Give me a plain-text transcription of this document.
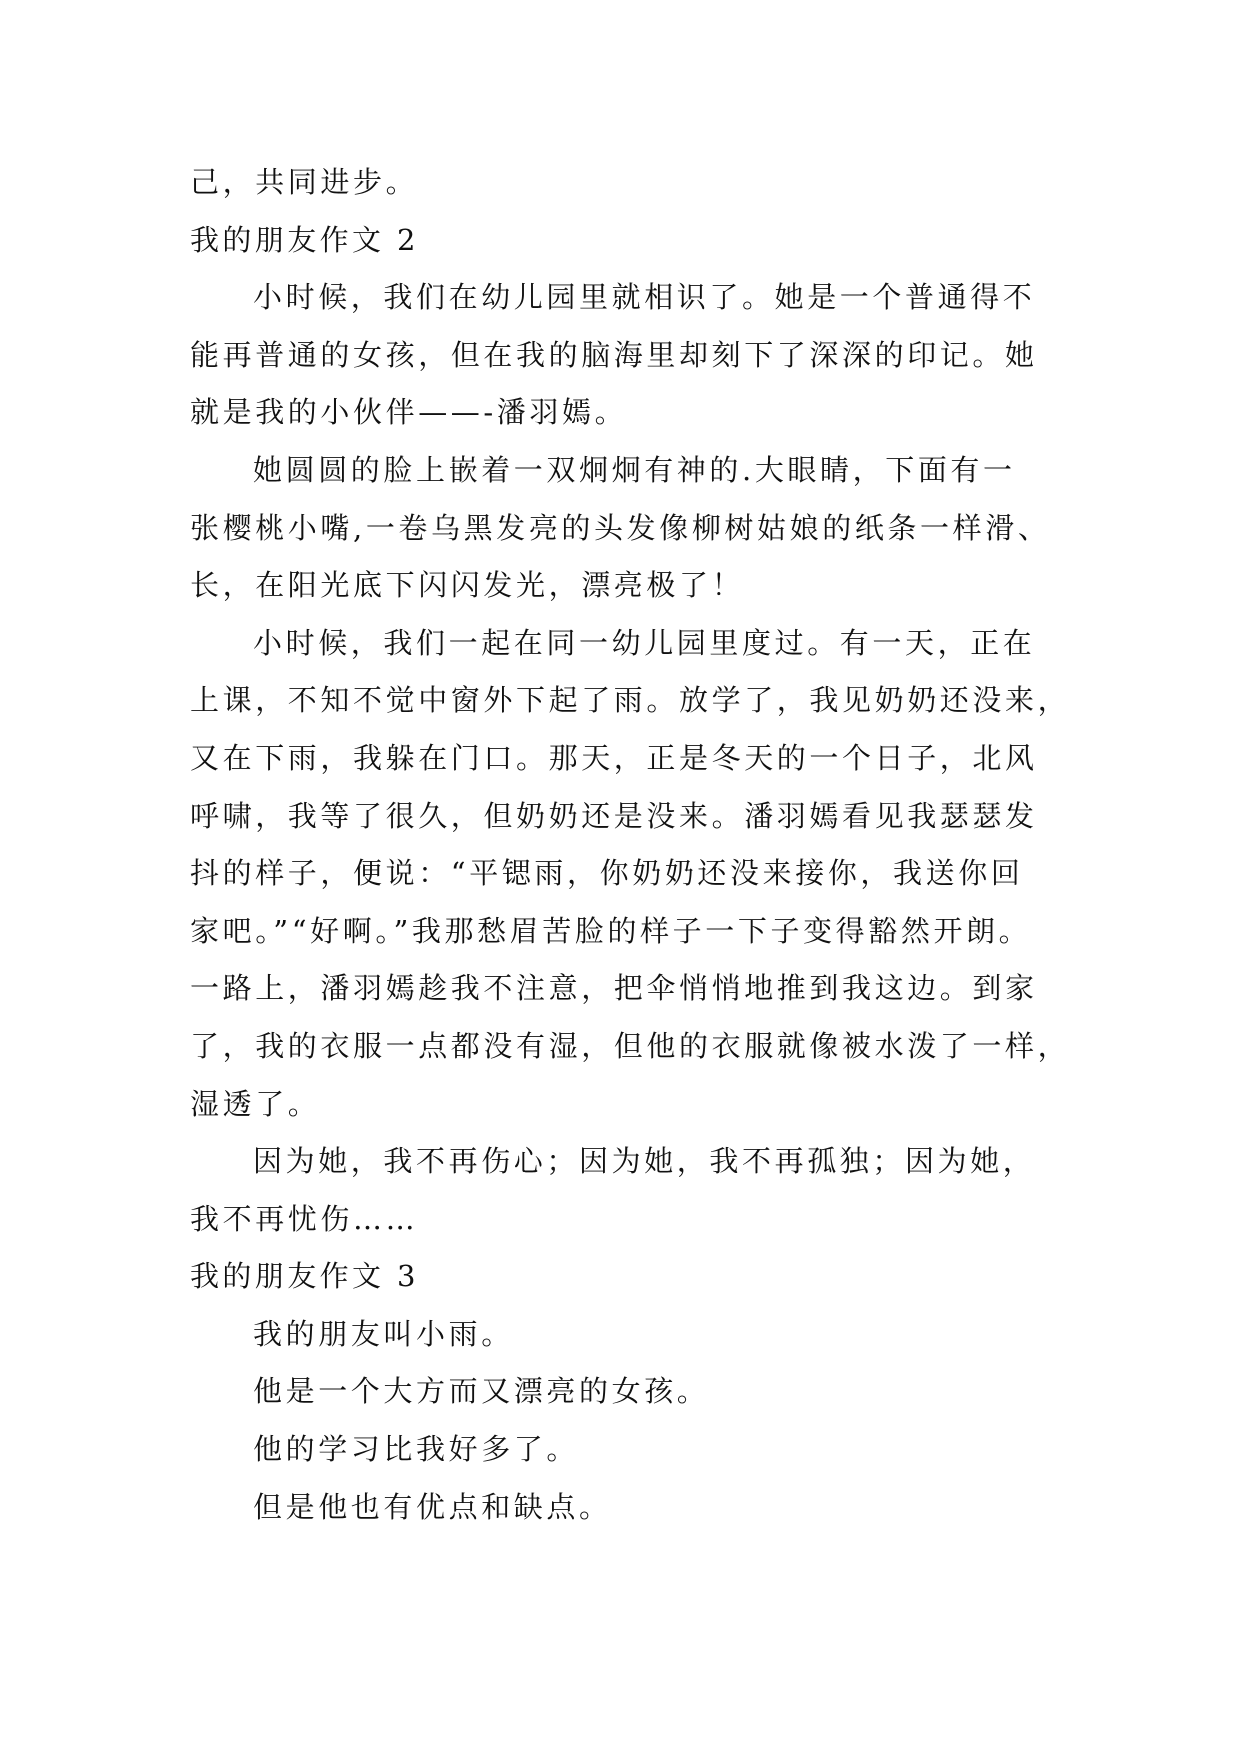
己，共同进步。
我的朋友作文 2
小时候，我们在幼儿园里就相识了。她是一个普通得不
能再普通的女孩，但在我的脑海里却刻下了深深的印记。她
就是我的小伙伴——-潘羽嫣。
她圆圆的脸上嵌着一双炯炯有神的.大眼睛，下面有一
张樱桃小嘴,一卷乌黑发亮的头发像柳树姑娘的纸条一样滑、
长，在阳光底下闪闪发光，漂亮极了！
小时候，我们一起在同一幼儿园里度过。有一天，正在
上课，不知不觉中窗外下起了雨。放学了，我见奶奶还没来，
又在下雨，我躲在门口。那天，正是冬天的一个日子，北风
呼啸，我等了很久，但奶奶还是没来。潘羽嫣看见我瑟瑟发
抖的样子，便说：“平锶雨，你奶奶还没来接你，我送你回
家吧。”“好啊。”我那愁眉苦脸的样子一下子变得豁然开朗。
一路上，潘羽嫣趁我不注意，把伞悄悄地推到我这边。到家
了，我的衣服一点都没有湿，但他的衣服就像被水泼了一样，
湿透了。
因为她，我不再伤心；因为她，我不再孤独；因为她，
我不再忧伤……
我的朋友作文 3
我的朋友叫小雨。
他是一个大方而又漂亮的女孩。
他的学习比我好多了。
但是他也有优点和缺点。
